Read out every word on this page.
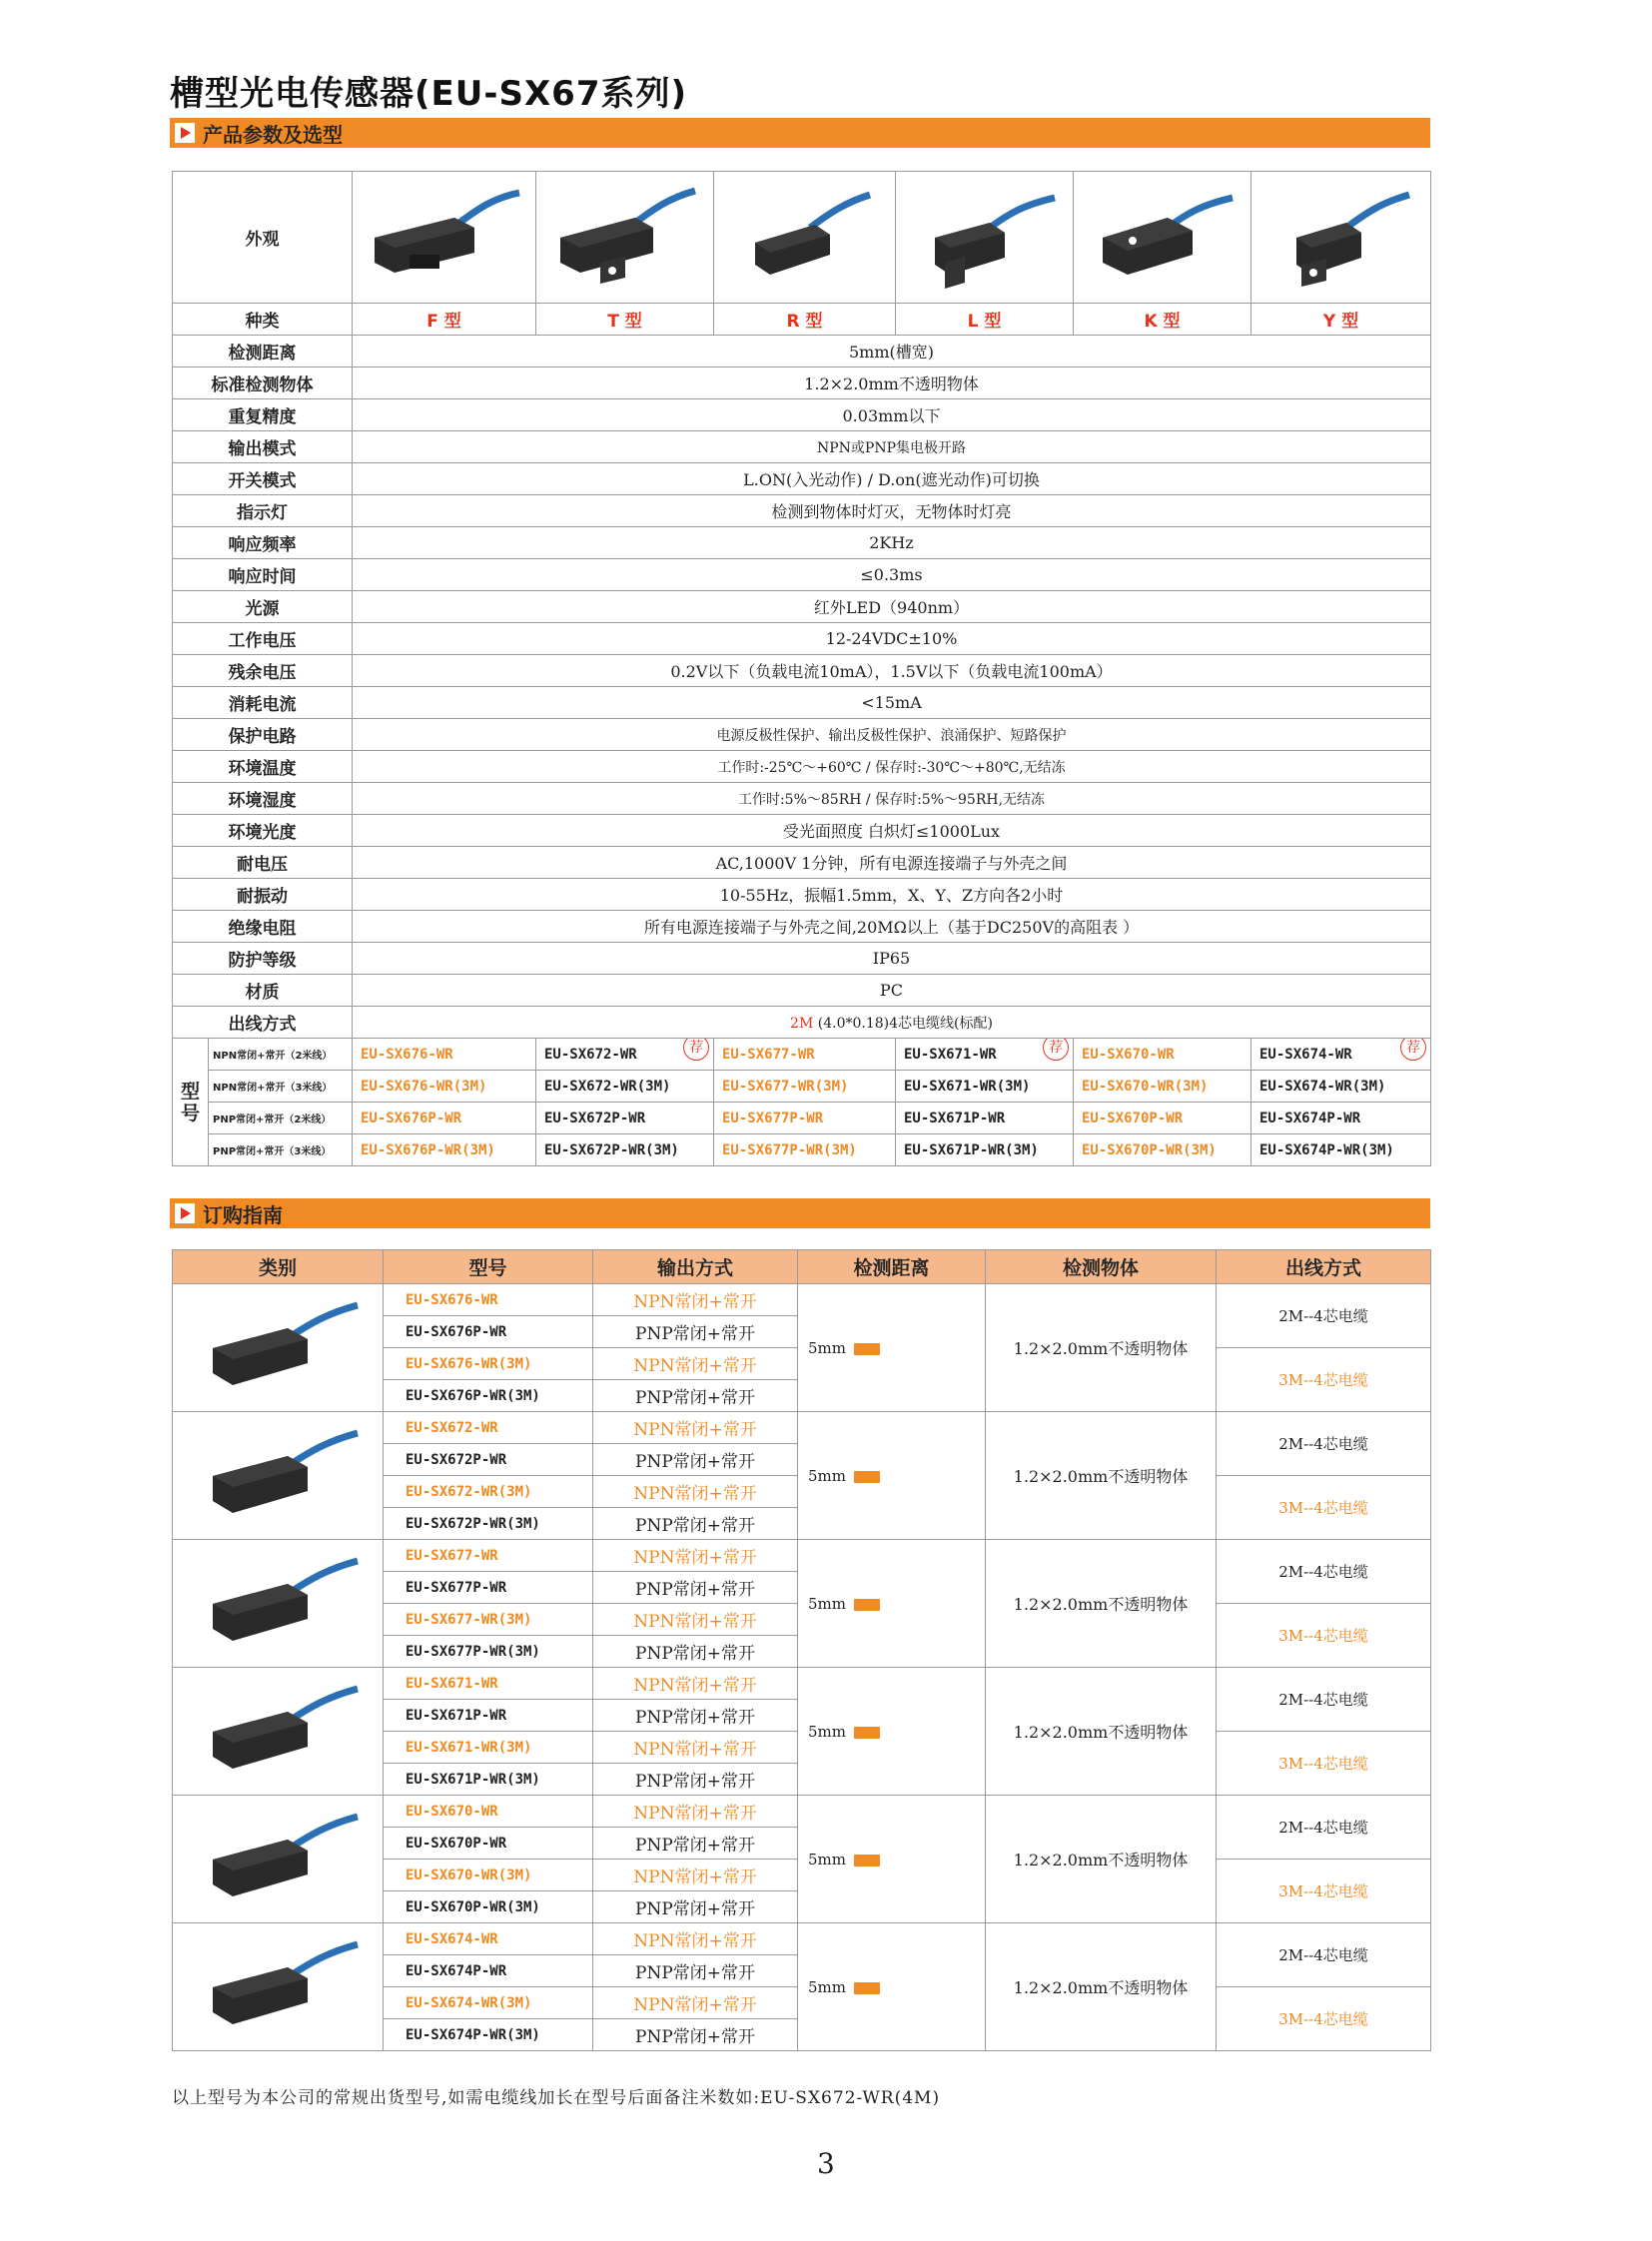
槽型光电传感器(EU-SX67系列)
产品参数及选型
外观	

种类		F 型	T 型	R 型	L 型	K 型	Y 型
检测距离		5mm(槽宽)					
标准检测物体		1.2×2.0mm不透明物体					
重复精度		0.03mm以下					
输出模式		NPN或PNP集电极开路					
开关模式		L.ON(入光动作) / D.on(遮光动作)可切换					
指示灯		检测到物体时灯灭，无物体时灯亮					
响应频率		2KHz					
响应时间		≤0.3ms					
光源		红外LED（940nm）					
工作电压		12-24VDC±10%					
残余电压		0.2V以下（负载电流10mA），1.5V以下（负载电流100mA）					
消耗电流		<15mA					
保护电路		电源反极性保护、输出反极性保护、浪涌保护、短路保护					
环境温度		工作时:-25℃～+60℃ / 保存时:-30℃～+80℃,无结冻					
环境湿度		工作时:5%～85RH / 保存时:5%～95RH,无结冻					
环境光度		受光面照度 白炽灯≤1000Lux					
耐电压		AC,1000V 1分钟，所有电源连接端子与外壳之间					
耐振动		10-55Hz，振幅1.5mm，X、Y、Z方向各2小时					
绝缘电阻		所有电源连接端子与外壳之间,20MΩ以上（基于DC250V的高阻表 ）					
防护等级		IP65					
材质		PC					
出线方式		2M (4.0*0.18)4芯电缆线(标配)					
型号	NPN常闭+常开（2米线）	EU-SX676-WR	EU-SX672-WR 荐	EU-SX677-WR	EU-SX671-WR 荐	EU-SX670-WR	EU-SX674-WR 荐

	NPN常闭+常开（3米线）	EU-SX676-WR(3M)	EU-SX672-WR(3M)	EU-SX677-WR(3M)	EU-SX671-WR(3M)	EU-SX670-WR(3M)	EU-SX674-WR(3M)
	PNP常闭+常开（2米线）	EU-SX676P-WR	EU-SX672P-WR	EU-SX677P-WR	EU-SX671P-WR	EU-SX670P-WR	EU-SX674P-WR
	PNP常闭+常开（3米线）	EU-SX676P-WR(3M)	EU-SX672P-WR(3M)	EU-SX677P-WR(3M)	EU-SX671P-WR(3M)	EU-SX670P-WR(3M)	EU-SX674P-WR(3M)
订购指南
类别	型号	输出方式	检测距离	检测物体	出线方式

	EU-SX676-WR	NPN常闭+常开	5mm	1.2×2.0mm不透明物体	2M--4芯电缆
	EU-SX676P-WR	PNP常闭+常开			
	EU-SX676-WR(3M)	NPN常闭+常开			3M--4芯电缆
	EU-SX676P-WR(3M)	PNP常闭+常开			

	EU-SX672-WR	NPN常闭+常开	5mm	1.2×2.0mm不透明物体	2M--4芯电缆
	EU-SX672P-WR	PNP常闭+常开			
	EU-SX672-WR(3M)	NPN常闭+常开			3M--4芯电缆
	EU-SX672P-WR(3M)	PNP常闭+常开			

	EU-SX677-WR	NPN常闭+常开	5mm	1.2×2.0mm不透明物体	2M--4芯电缆
	EU-SX677P-WR	PNP常闭+常开			
	EU-SX677-WR(3M)	NPN常闭+常开			3M--4芯电缆
	EU-SX677P-WR(3M)	PNP常闭+常开			

	EU-SX671-WR	NPN常闭+常开	5mm	1.2×2.0mm不透明物体	2M--4芯电缆
	EU-SX671P-WR	PNP常闭+常开			
	EU-SX671-WR(3M)	NPN常闭+常开			3M--4芯电缆
	EU-SX671P-WR(3M)	PNP常闭+常开			

	EU-SX670-WR	NPN常闭+常开	5mm	1.2×2.0mm不透明物体	2M--4芯电缆
	EU-SX670P-WR	PNP常闭+常开			
	EU-SX670-WR(3M)	NPN常闭+常开			3M--4芯电缆
	EU-SX670P-WR(3M)	PNP常闭+常开			

	EU-SX674-WR	NPN常闭+常开	5mm	1.2×2.0mm不透明物体	2M--4芯电缆
	EU-SX674P-WR	PNP常闭+常开			
	EU-SX674-WR(3M)	NPN常闭+常开			3M--4芯电缆
	EU-SX674P-WR(3M)	PNP常闭+常开			
以上型号为本公司的常规出货型号,如需电缆线加长在型号后面备注米数如:EU-SX672-WR(4M)
3
